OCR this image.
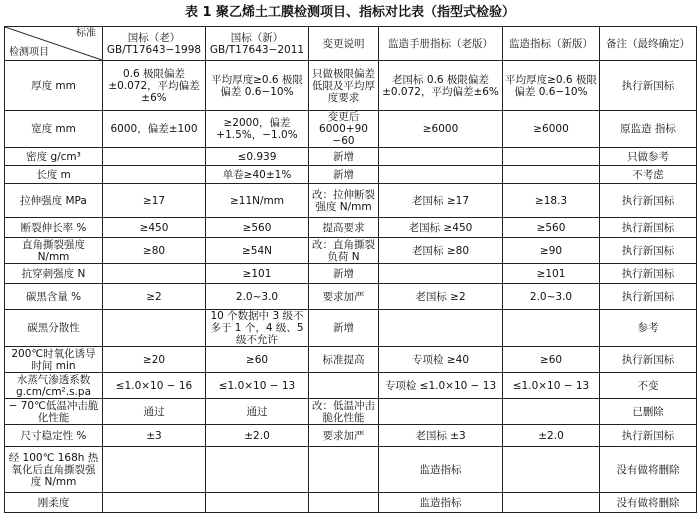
表 1 聚乙烯土工膜检测项目、指标对比表（指型式检验）
标准
检测项目	国标（老）GB/T17643−1998	国标（新）GB/T17643−2011	变更说明	监造手册指标（老版）	监造指标（新版）	备注（最终确定）
厚度 mm	0.6 极限偏差±0.072，平均偏差±6%	平均厚度≥0.6 极限偏差 0.6−10%	只做极限偏差低限及平均厚度要求	老国标 0.6 极限偏差±0.072，平均偏差±6%	平均厚度≥0.6 极限偏差 0.6−10%	执行新国标
宽度 mm	6000，偏差±100	≥2000，偏差+1.5%，−1.0%	变更后 6000+90 −60	≥6000	≥6000	原监造 指标
密度 g/cm³		≤0.939	新增			只做参考
长度 m		单卷≥40±1%	新增			不考虑
拉伸强度 MPa	≥17	≥11N/mm	改：拉伸断裂强度 N/mm	老国标 ≥17	≥18.3	执行新国标
断裂伸长率 %	≥450	≥560	提高要求	老国标 ≥450	≥560	执行新国标
直角撕裂强度 N/mm	≥80	≥54N	改：直角撕裂负荷 N	老国标 ≥80	≥90	执行新国标
抗穿刺强度 N		≥101	新增		≥101	执行新国标
碳黑含量 %	≥2	2.0~3.0	要求加严	老国标 ≥2	2.0~3.0	执行新国标
碳黑分散性		10 个数据中 3 级不多于 1 个，4 级、5 级不允许	新增			参考
200℃时氧化诱导时间 min	≥20	≥60	标准提高	专项检 ≥40	≥60	执行新国标
水蒸气渗透系数 g.cm/cm².s.pa	≤1.0×10 − 16	≤1.0×10 − 13		专项检 ≤1.0×10 − 13	≤1.0×10 − 13	不变
− 70℃低温冲击脆化性能	通过	通过	改：低温冲击脆化性能			已删除
尺寸稳定性 %	±3	±2.0	要求加严	老国标 ±3	±2.0	执行新国标
经 100℃ 168h 热氧化后直角撕裂强度 N/mm				监造指标		没有做将删除
刚柔度				监造指标		没有做将删除
